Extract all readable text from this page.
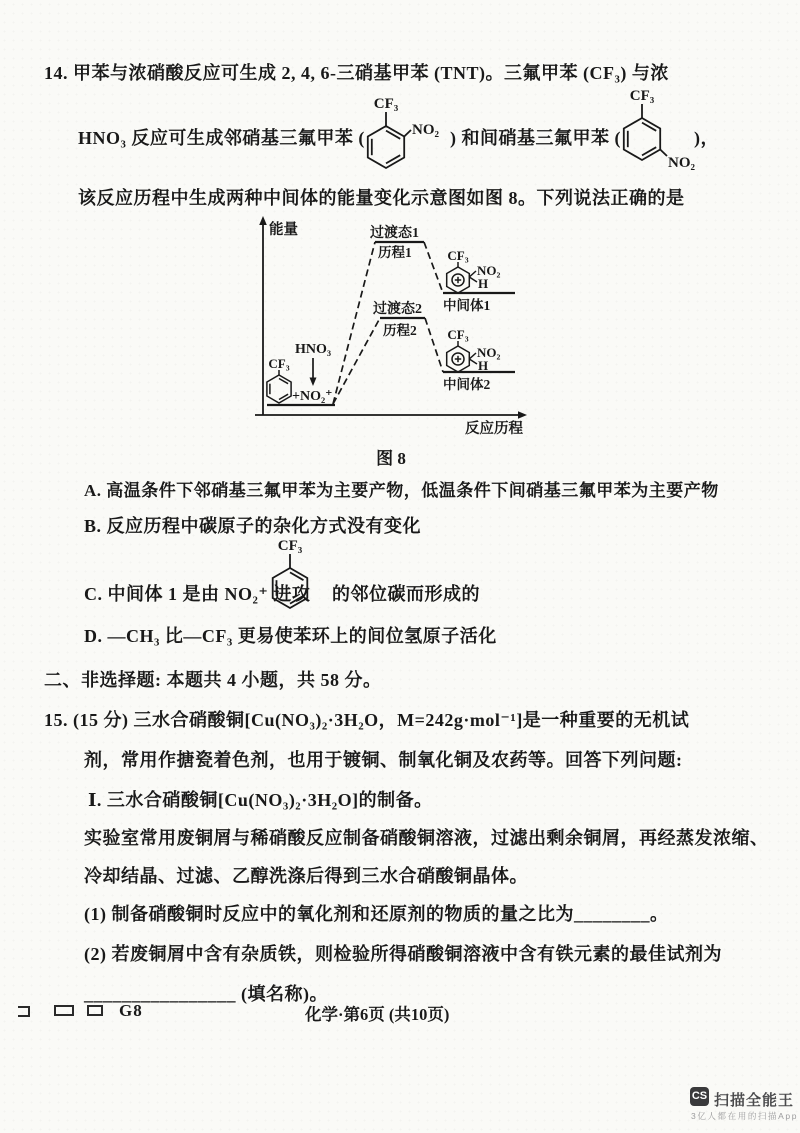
14. 甲苯与浓硝酸反应可生成 2, 4, 6-三硝基甲苯 (TNT)。三氟甲苯 (CF₃) 与浓
HNO₃ 反应可生成邻硝基三氟甲苯 (
CF₃
NO₂ ) 和间硝基三氟甲苯 (
CF₃
NO₂
)，
该反应历程中生成两种中间体的能量变化示意图如图 8。下列说法正确的是
能量
反应历程
过渡态1
历程1
过渡态2
历程2
中间体1
中间体2
CF₃
+NO₂⁺
HNO₃
CF₃
NO₂
H
CF₃
NO₂
H
图 8
A. 高温条件下邻硝基三氟甲苯为主要产物，低温条件下间硝基三氟甲苯为主要产物
B. 反应历程中碳原子的杂化方式没有变化
C. 中间体 1 是由 NO₂⁺ 进攻
CF₃
的邻位碳而形成的
D. —CH₃ 比—CF₃ 更易使苯环上的间位氢原子活化
二、非选择题: 本题共 4 小题，共 58 分。
15. (15 分) 三水合硝酸铜[Cu(NO₃)₂·3H₂O，M=242g·mol⁻¹]是一种重要的无机试
剂，常用作搪瓷着色剂，也用于镀铜、制氧化铜及农药等。回答下列问题:
Ⅰ. 三水合硝酸铜[Cu(NO₃)₂·3H₂O]的制备。
实验室常用废铜屑与稀硝酸反应制备硝酸铜溶液，过滤出剩余铜屑，再经蒸发浓缩、
冷却结晶、过滤、乙醇洗涤后得到三水合硝酸铜晶体。
(1) 制备硝酸铜时反应中的氧化剂和还原剂的物质的量之比为________。
(2) 若废铜屑中含有杂质铁，则检验所得硝酸铜溶液中含有铁元素的最佳试剂为
________________ (填名称)。
G8	化学·第6页 (共10页)
CS 扫描全能王
3亿人都在用的扫描App
